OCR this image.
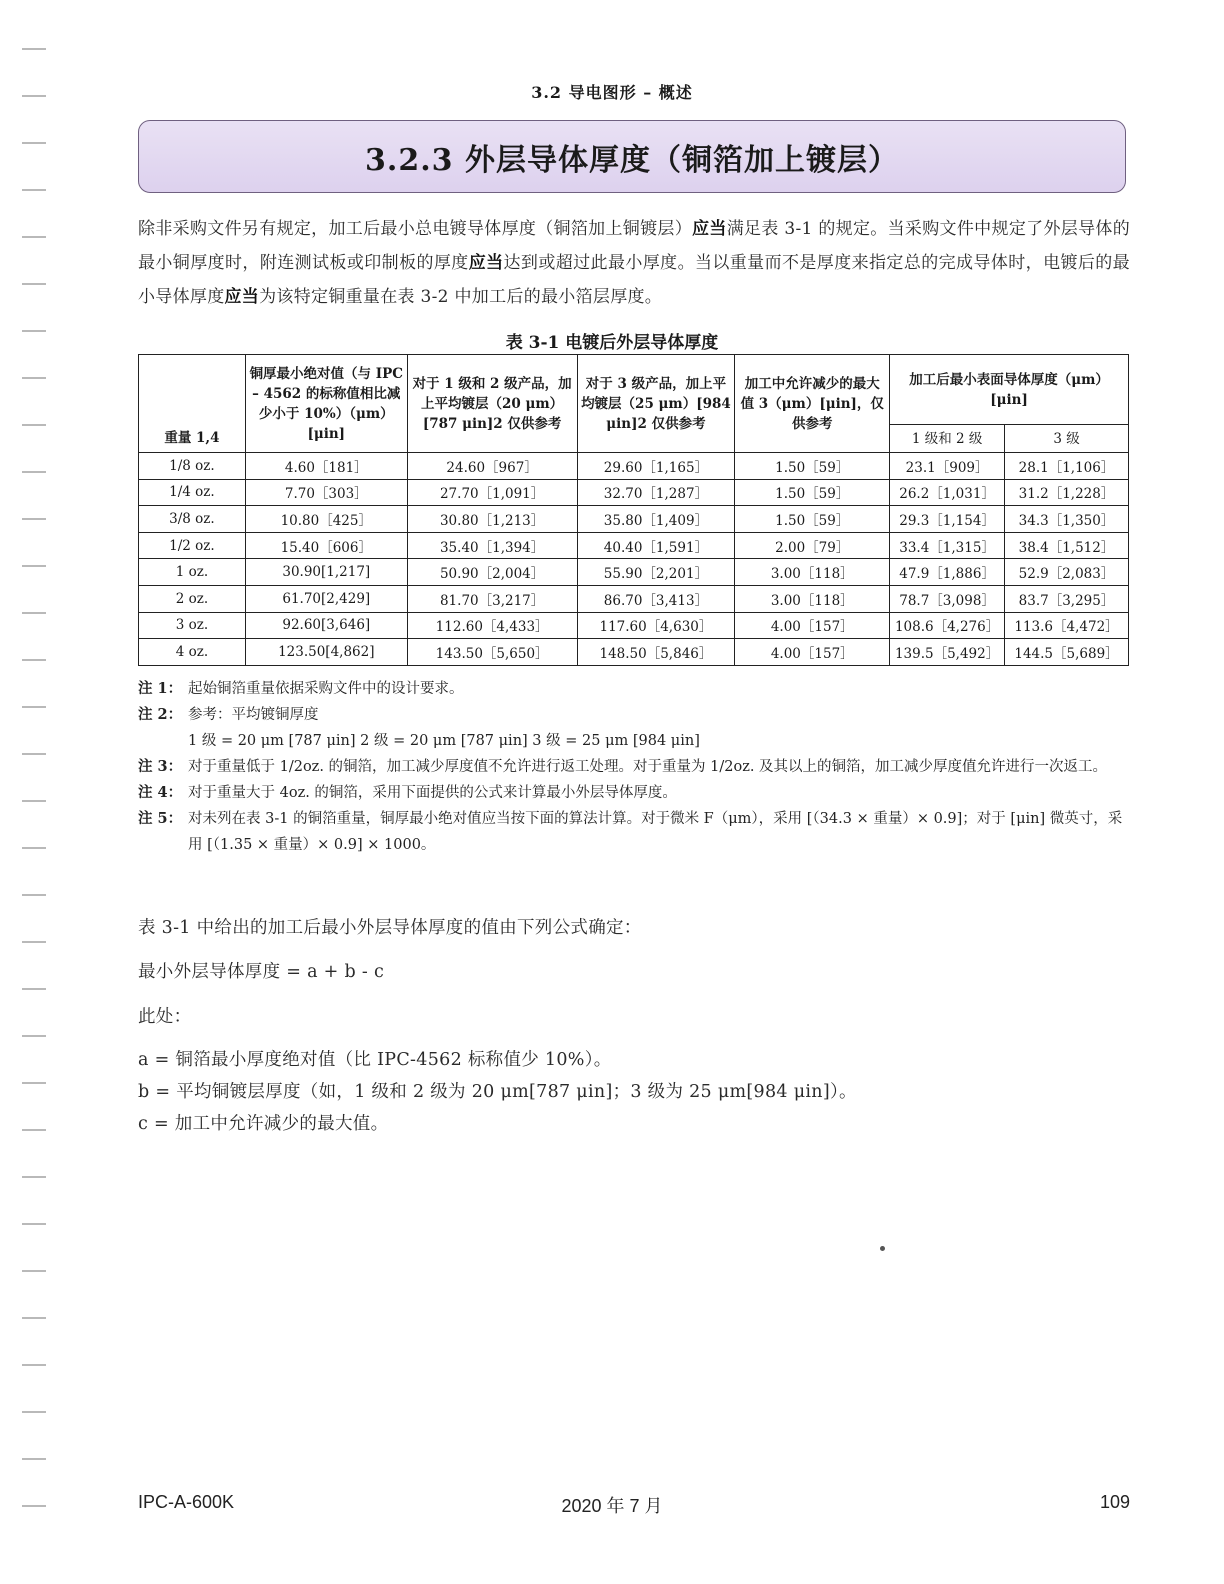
3.2 导电图形 – 概述
3.2.3 外层导体厚度（铜箔加上镀层）
除非采购文件另有规定，加工后最小总电镀导体厚度（铜箔加上铜镀层）应当满足表 3-1 的规定。当采购文件中规定了外层导体的最小铜厚度时，附连测试板或印制板的厚度应当达到或超过此最小厚度。当以重量而不是厚度来指定总的完成导体时，电镀后的最小导体厚度应当为该特定铜重量在表 3-2 中加工后的最小箔层厚度。
表 3-1 电镀后外层导体厚度
重量 1,4	铜厚最小绝对值（与 IPC – 4562 的标称值相比减少小于 10%）（μm）[μin]	对于 1 级和 2 级产品，加上平均镀层（20 μm）[787 μin]2 仅供参考	对于 3 级产品，加上平均镀层（25 μm）[984 μin]2 仅供参考	加工中允许减少的最大值 3（μm）[μin]，仅供参考	加工后最小表面导体厚度（μm）[μin]	

					1 级和 2 级	3 级
1/8 oz.	4.60［181］	24.60［967］	29.60［1,165］	1.50［59］	23.1［909］	28.1［1,106］
1/4 oz.	7.70［303］	27.70［1,091］	32.70［1,287］	1.50［59］	26.2［1,031］	31.2［1,228］
3/8 oz.	10.80［425］	30.80［1,213］	35.80［1,409］	1.50［59］	29.3［1,154］	34.3［1,350］
1/2 oz.	15.40［606］	35.40［1,394］	40.40［1,591］	2.00［79］	33.4［1,315］	38.4［1,512］
1 oz.	30.90[1,217]	50.90［2,004］	55.90［2,201］	3.00［118］	47.9［1,886］	52.9［2,083］
2 oz.	61.70[2,429]	81.70［3,217］	86.70［3,413］	3.00［118］	78.7［3,098］	83.7［3,295］
3 oz.	92.60[3,646]	112.60［4,433］	117.60［4,630］	4.00［157］	108.6［4,276］	113.6［4,472］
4 oz.	123.50[4,862]	143.50［5,650］	148.50［5,846］	4.00［157］	139.5［5,492］	144.5［5,689］
注 1： 起始铜箔重量依据采购文件中的设计要求。
注 2： 参考：平均镀铜厚度
1 级 = 20 μm [787 μin] 2 级 = 20 μm [787 μin] 3 级 = 25 μm [984 μin]
注 3： 对于重量低于 1/2oz. 的铜箔，加工减少厚度值不允许进行返工处理。对于重量为 1/2oz. 及其以上的铜箔，加工减少厚度值允许进行一次返工。
注 4： 对于重量大于 4oz. 的铜箔，采用下面提供的公式来计算最小外层导体厚度。
注 5： 对未列在表 3-1 的铜箔重量，铜厚最小绝对值应当按下面的算法计算。对于微米 F（μm），采用 [（34.3 × 重量）× 0.9]；对于 [μin] 微英寸，采用 [（1.35 × 重量）× 0.9] × 1000。
表 3-1 中给出的加工后最小外层导体厚度的值由下列公式确定：
最小外层导体厚度 = a + b - c
此处：
a = 铜箔最小厚度绝对值（比 IPC-4562 标称值少 10%）。
b = 平均铜镀层厚度（如，1 级和 2 级为 20 μm[787 μin]；3 级为 25 μm[984 μin]）。
c = 加工中允许减少的最大值。
IPC-A-600K	2020 年 7 月	109
